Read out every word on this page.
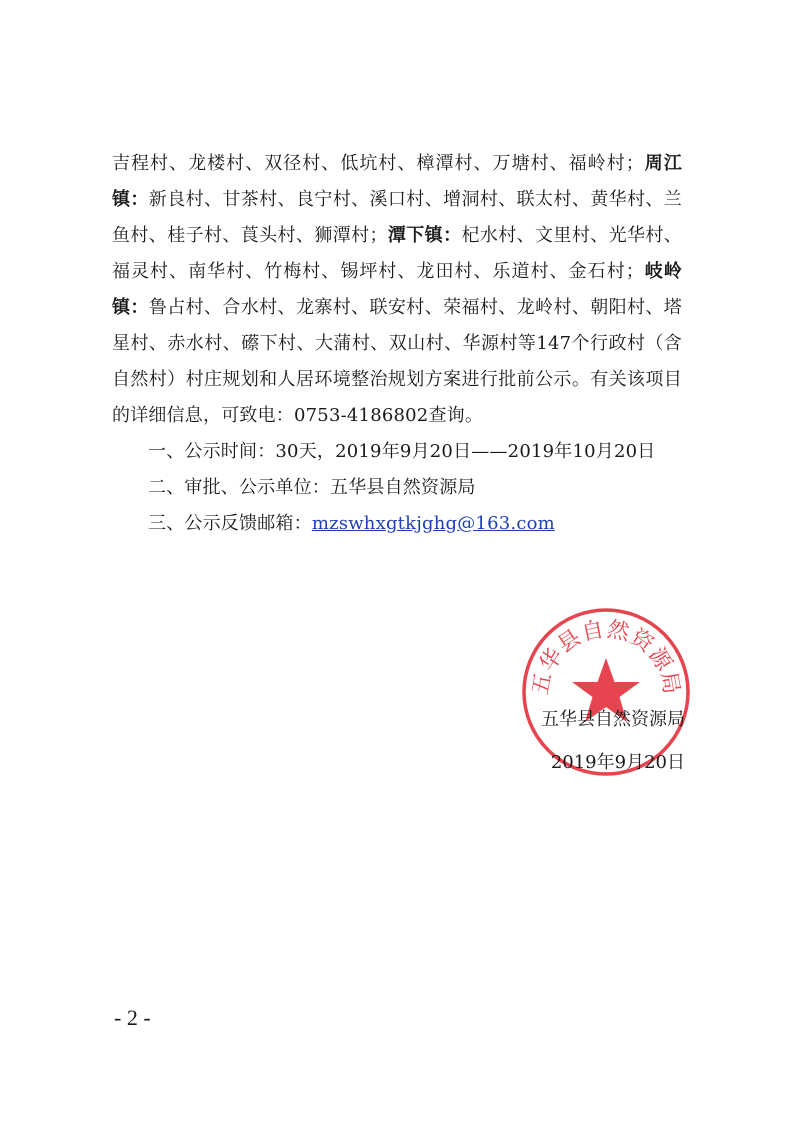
吉程村、龙楼村、双径村、低坑村、樟潭村、万塘村、福岭村；周江镇：新良村、甘茶村、良宁村、溪口村、增洞村、联太村、黄华村、兰鱼村、桂子村、莨头村、狮潭村；潭下镇：杞水村、文里村、光华村、福灵村、南华村、竹梅村、锡坪村、龙田村、乐道村、金石村；岐岭镇：鲁占村、合水村、龙寨村、联安村、荣福村、龙岭村、朝阳村、塔星村、赤水村、礤下村、大蒲村、双山村、华源村等147个行政村（含自然村）村庄规划和人居环境整治规划方案进行批前公示。有关该项目的详细信息，可致电：0753-4186802查询。

一、公示时间：30天，2019年9月20日——2019年10月20日

二、审批、公示单位：五华县自然资源局

三、公示反馈邮箱：mzswhxgtkjghg@163.com

五华县自然资源局
五华县自然资源局
2019年9月20日
- 2 -
